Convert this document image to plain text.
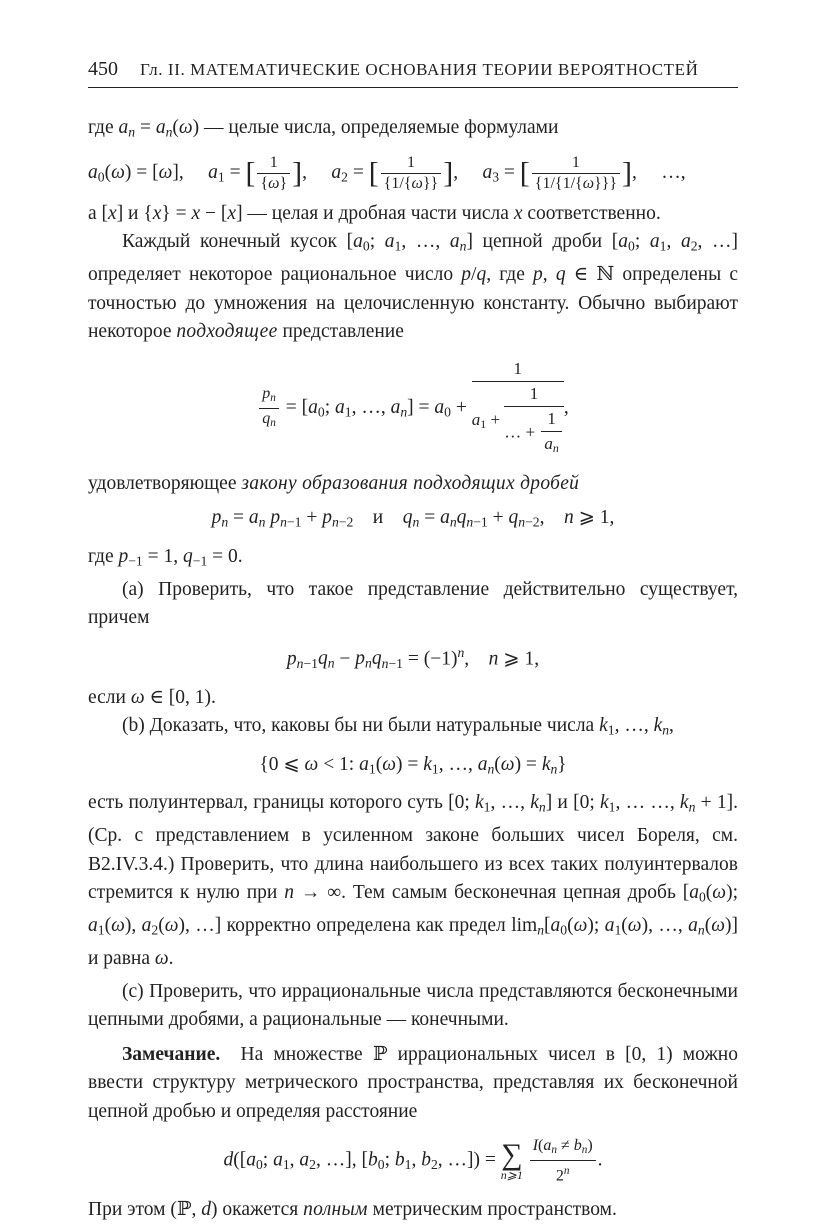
450 Гл. II. МАТЕМАТИЧЕСКИЕ ОСНОВАНИЯ ТЕОРИИ ВЕРОЯТНОСТЕЙ

где $a_n = a_n(\omega)$ — целые числа, определяемые формулами

$a_0(\omega) = [\omega]$,     $a_1$ = [ $\frac{1}{\{\omega\}}$ ],     $a_2$ = [ $\frac{1}{\{1/\{\omega\}\}}$ ],     $a_3$ = [ $\frac{1}{\{1/\{1/\{\omega\}\}\}}$ ],     …,

а [x] и {x} = x − [x] — целая и дробная части числа x соответственно.

Каждый конечный кусок [$a_0$; $a_1$, …, $a_n$] цепной дроби [$a_0$; $a_1$, $a_2$, …] определяет некоторое рациональное число p/q, где p, q ∈ ℕ определены с точностью до умножения на целочисленную константу. Обычно выбирают некоторое подходящее представление

$\frac{p_n}{q_n} = [a_0$; $a_1$, …, $a_n] = a_0 + \frac{1}{a_1 + \frac{1}{\dots + \frac{1}{a_n}}}$ ,

удовлетворяющее закону образования подходящих дробей

$p_n = a_n$ $p_{n-1} + p_{n-2}$    и    $q_n = a_nq_{n-1} + q_{n-2}$,    n ⩾ 1,

где $p_{-1} = 1$, $q_{-1} = 0$.

(a) Проверить, что такое представление действительно существует, причем

$p_{n-1}q_n - p_nq_{n-1} = (-1)^n$,    n ⩾ 1,

если ω ∈ [0, 1).

(b) Доказать, что, каковы бы ни были натуральные числа $k_1$, …, $k_n$,

{0 ⩽ ω < 1: $a_1(\omega) = k_1$, …, $a_n(\omega) = k_n$}

есть полуинтервал, границы которого суть [0; $k_1$, …, $k_n$] и [0; $k_1$, … …, $k_n + 1$]. (Ср. с представлением в усиленном законе больших чисел Бореля, см. B2.IV.3.4.) Проверить, что длина наибольшего из всех таких полуинтервалов стремится к нулю при n → ∞. Тем самым бесконечная цепная дробь [$a_0(\omega)$; $a_1(\omega)$, $a_2(\omega)$, …] корректно определена как предел $\lim_n[a_0(\omega)$; $a_1(\omega)$, …, $a_n(\omega)$] и равна ω.

(c) Проверить, что иррациональные числа представляются бесконечными цепными дробями, а рациональные — конечными.

Замечание.  На множестве ℙ иррациональных чисел в [0, 1) можно ввести структуру метрического пространства, представляя их бесконечной цепной дробью и определяя расстояние

$d([a_0$; $a_1$, $a_2$, …], [$b_0$; $b_1$, $b_2$, …]) = ∑
n⩾1
$\frac{I(a_n \ne b_n)}{2^n}$ .

При этом (ℙ, d) окажется полным метрическим пространством.
